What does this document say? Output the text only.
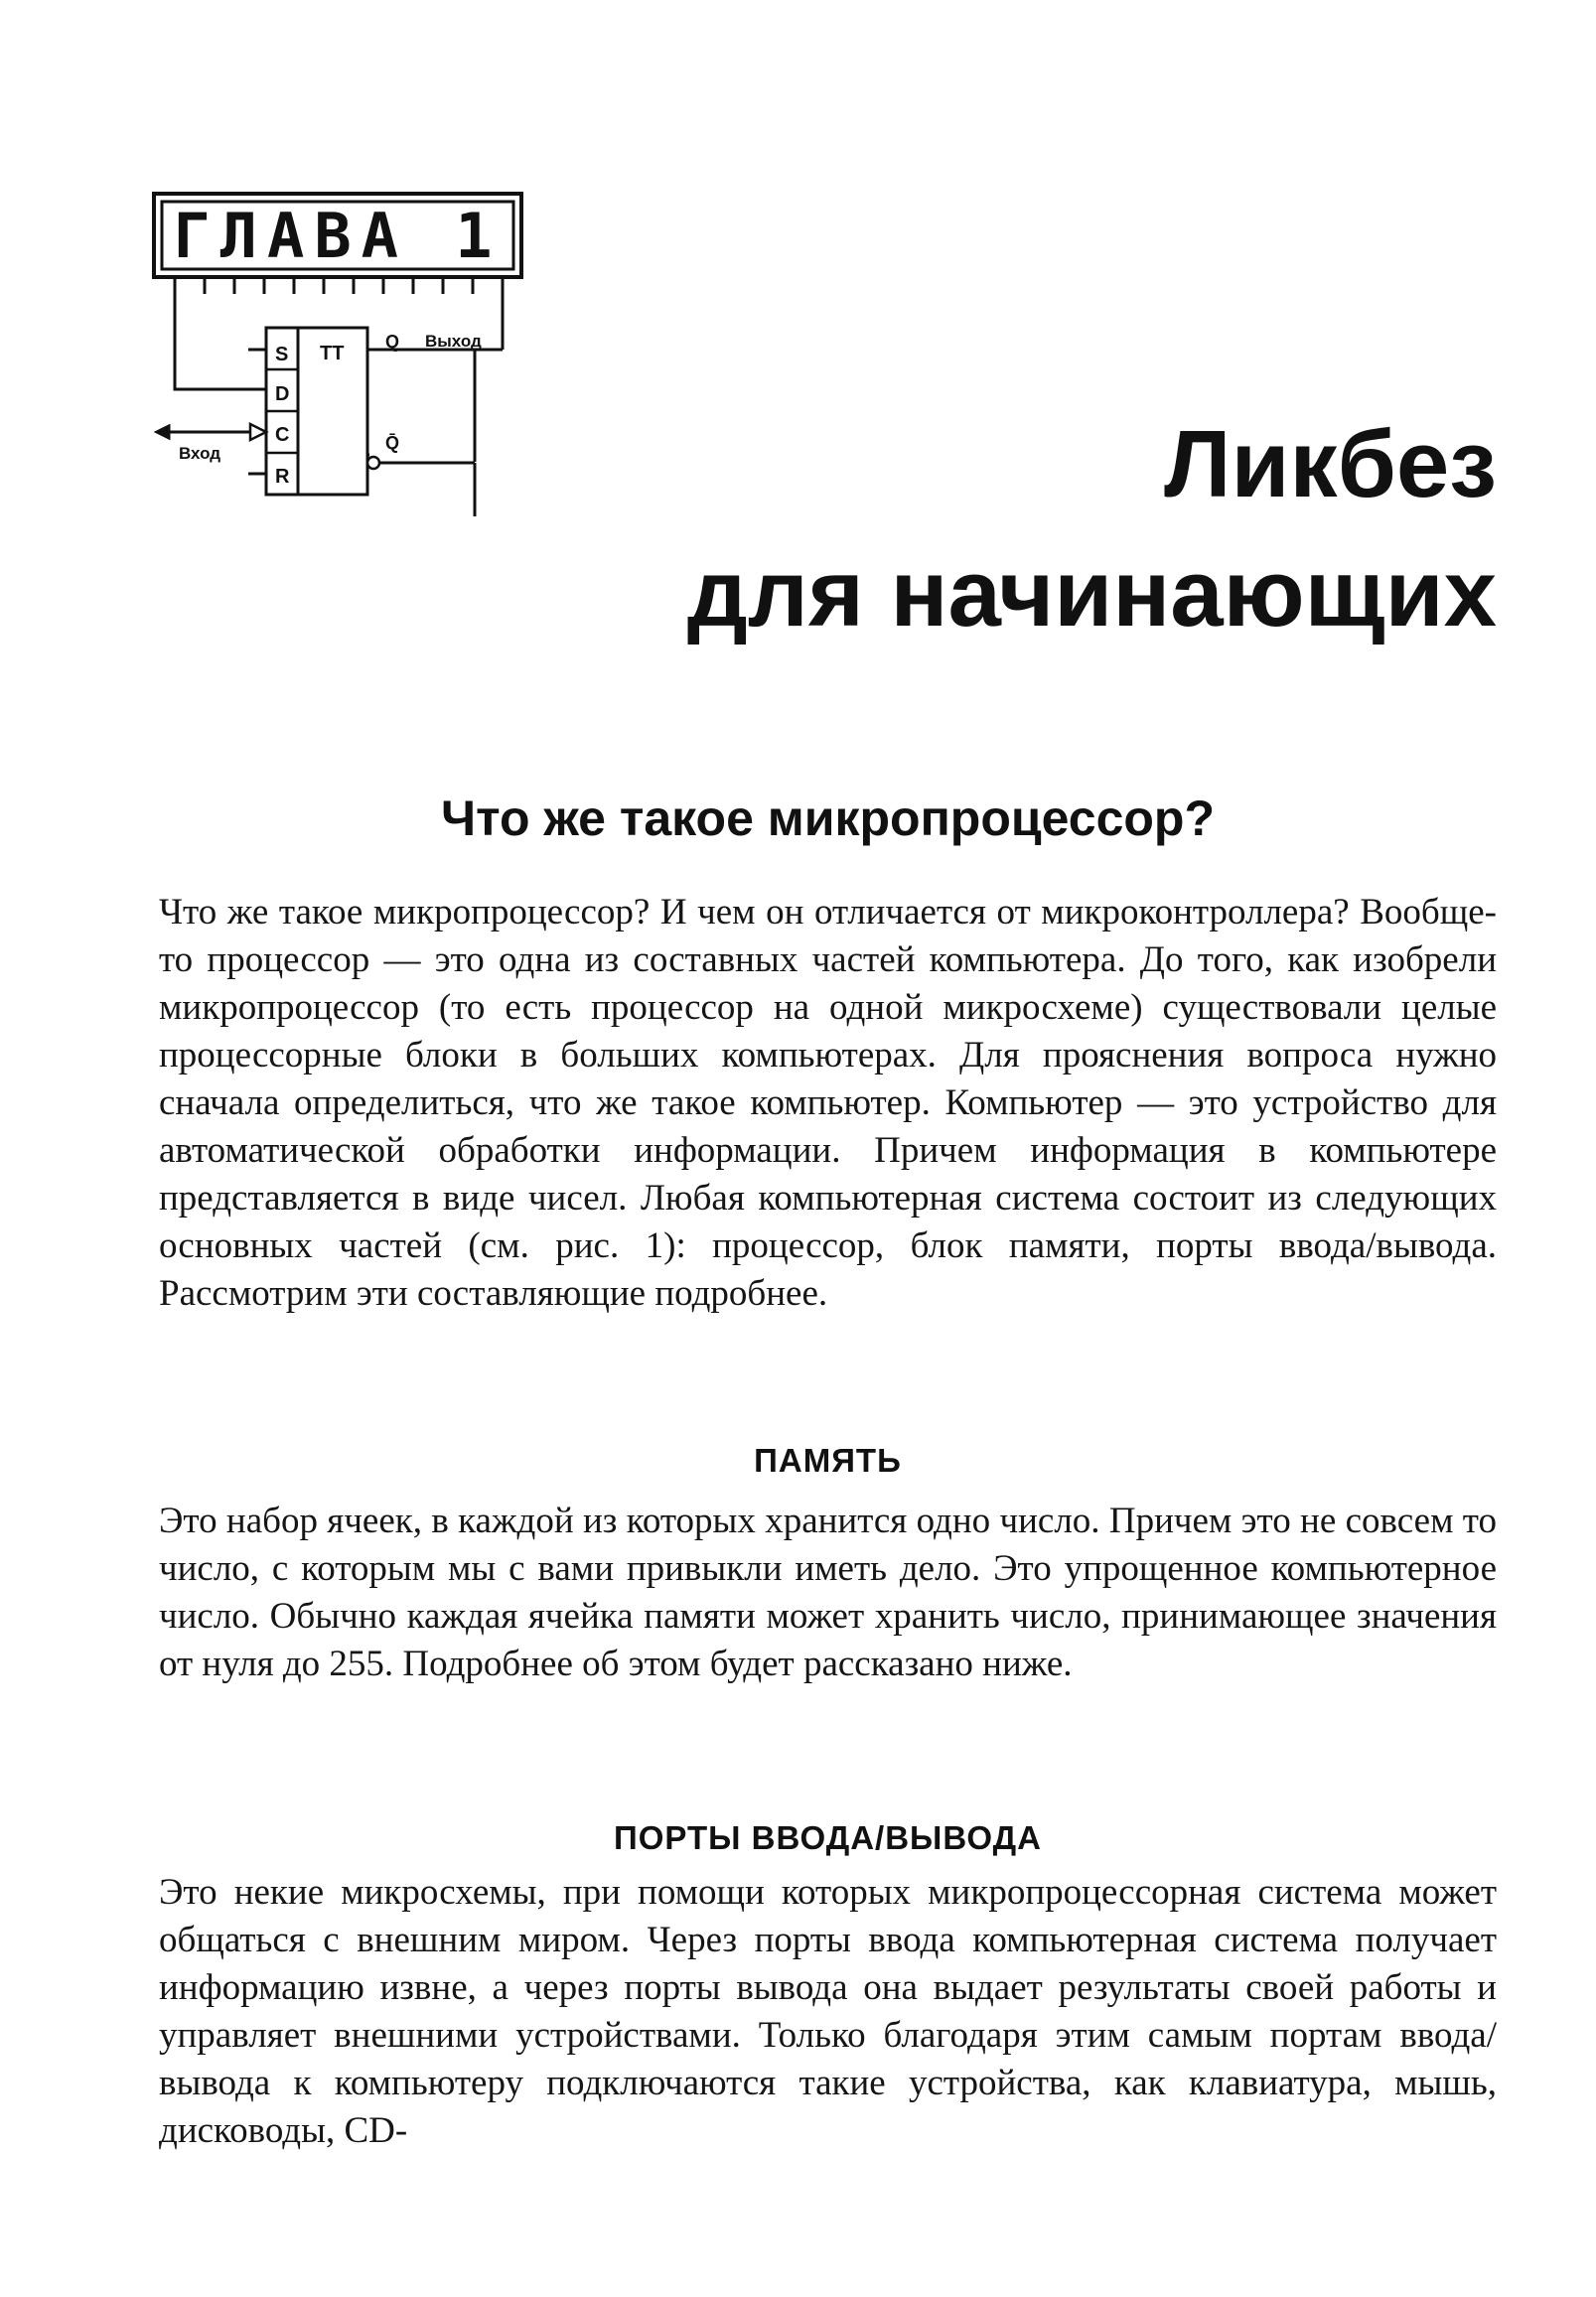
S
D
C
R
TT
Q
Q̄
Выход
Вход
ГЛАВА 1
Ликбез
для начинающих
Что же такое микропроцессор?

Что же такое микропроцессор? И чем он отличается от микроконтроллера? Вообще-то процессор — это одна из составных частей компьютера. До того, как изобрели микропроцессор (то есть процессор на одной микросхеме) существовали целые процессорные блоки в больших компьютерах. Для прояснения вопроса нужно сначала определиться, что же такое компьютер. Компьютер — это устройство для автоматической обработки информации. Причем информация в компьютере представляется в виде чисел. Любая компьютерная система состоит из следующих основных частей (см. рис. 1): процессор, блок памяти, порты ввода/вывода. Рассмотрим эти составляющие подробнее.

ПАМЯТЬ

Это набор ячеек, в каждой из которых хранится одно число. Причем это не совсем то число, с которым мы с вами привыкли иметь дело. Это упрощенное компьютерное число. Обычно каждая ячейка памяти может хранить число, принимающее значения от нуля до 255. Подробнее об этом будет рассказано ниже.

ПОРТЫ ВВОДА/ВЫВОДА

Это некие микросхемы, при помощи которых микропроцессорная система может общаться с внешним миром. Через порты ввода компьютерная система получает информацию извне, а через порты вывода она выдает результаты своей работы и управляет внешними устройствами. Только благодаря этим самым портам ввода/вывода к компьютеру подключаются такие устройства, как клавиатура, мышь, дисководы, CD-
